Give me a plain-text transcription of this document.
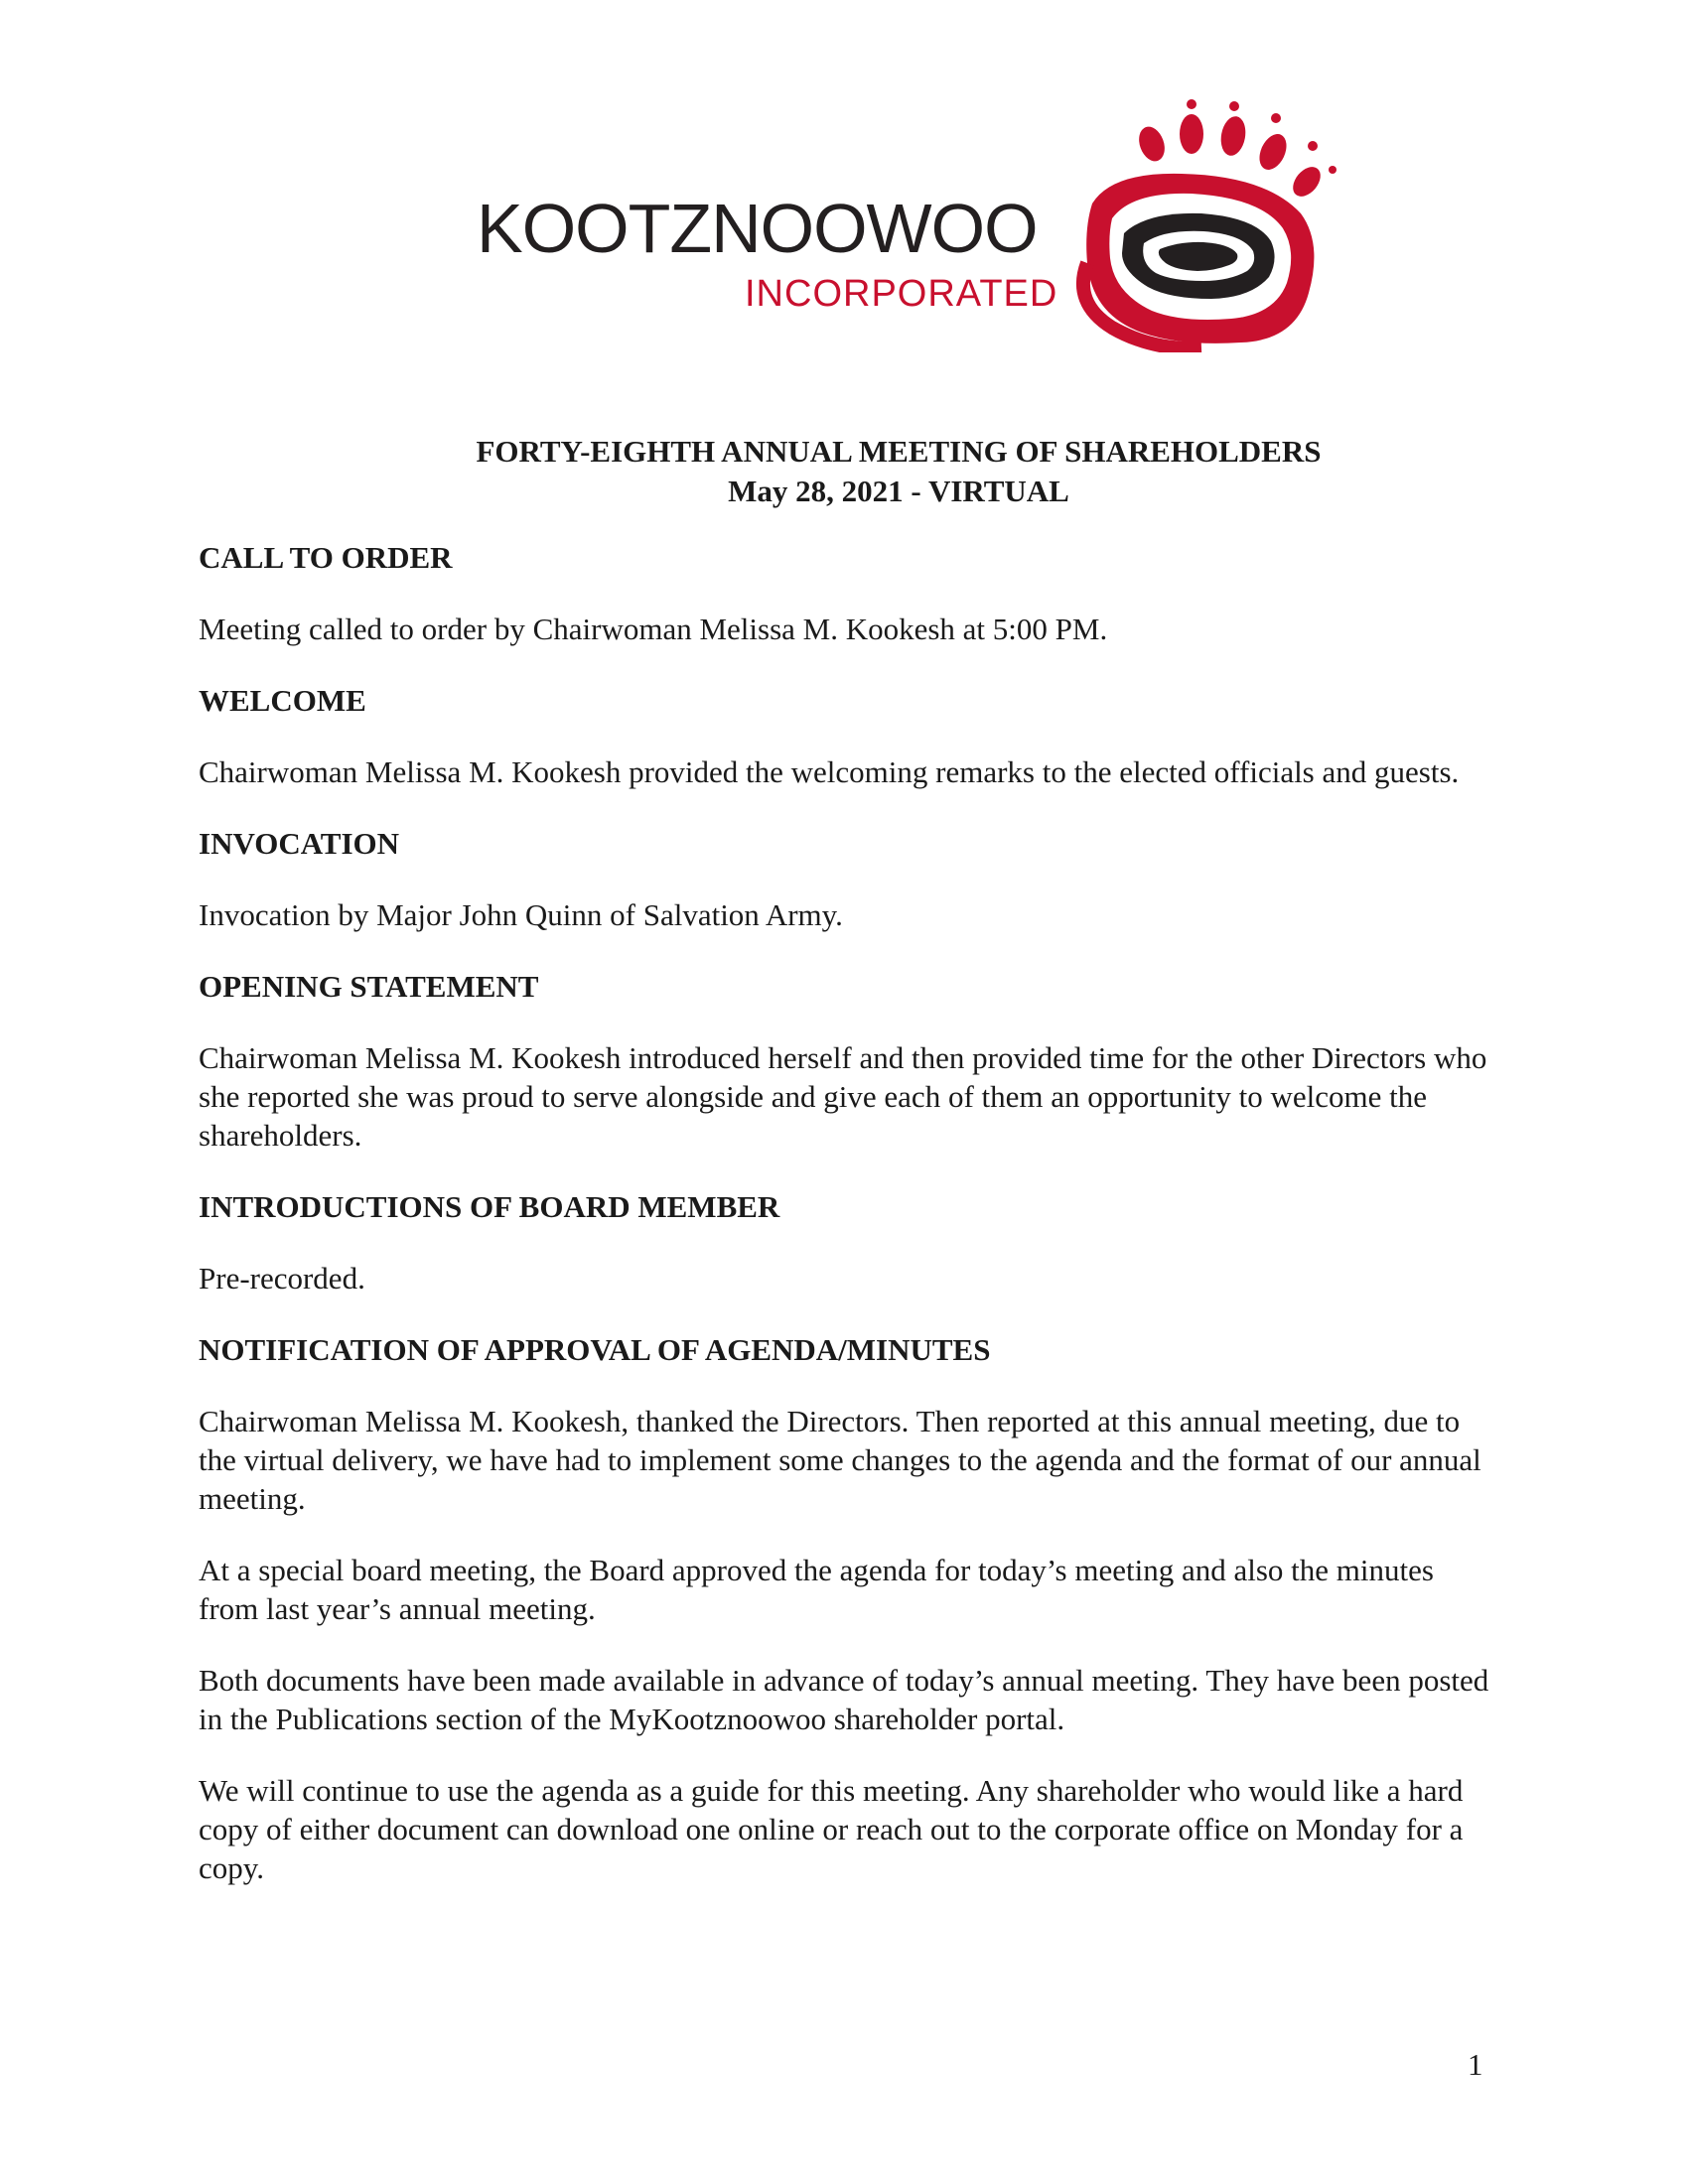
KOOTZNOOWOO
INCORPORATED
FORTY-EIGHTH ANNUAL MEETING OF SHAREHOLDERS
May 28, 2021 - VIRTUAL

CALL TO ORDER

Meeting called to order by Chairwoman Melissa M. Kookesh at 5:00 PM.

WELCOME

Chairwoman Melissa M. Kookesh provided the welcoming remarks to the elected officials and guests.

INVOCATION

Invocation by Major John Quinn of Salvation Army.

OPENING STATEMENT

Chairwoman Melissa M. Kookesh introduced herself and then provided time for the other Directors who she reported she was proud to serve alongside and give each of them an opportunity to welcome the shareholders.

INTRODUCTIONS OF BOARD MEMBER

Pre-recorded.

NOTIFICATION OF APPROVAL OF AGENDA/MINUTES

Chairwoman Melissa M. Kookesh, thanked the Directors. Then reported at this annual meeting, due to the virtual delivery, we have had to implement some changes to the agenda and the format of our annual meeting.

At a special board meeting, the Board approved the agenda for today’s meeting and also the minutes from last year’s annual meeting.

Both documents have been made available in advance of today’s annual meeting. They have been posted in the Publications section of the MyKootznoowoo shareholder portal.

We will continue to use the agenda as a guide for this meeting. Any shareholder who would like a hard copy of either document can download one online or reach out to the corporate office on Monday for a copy.

1
